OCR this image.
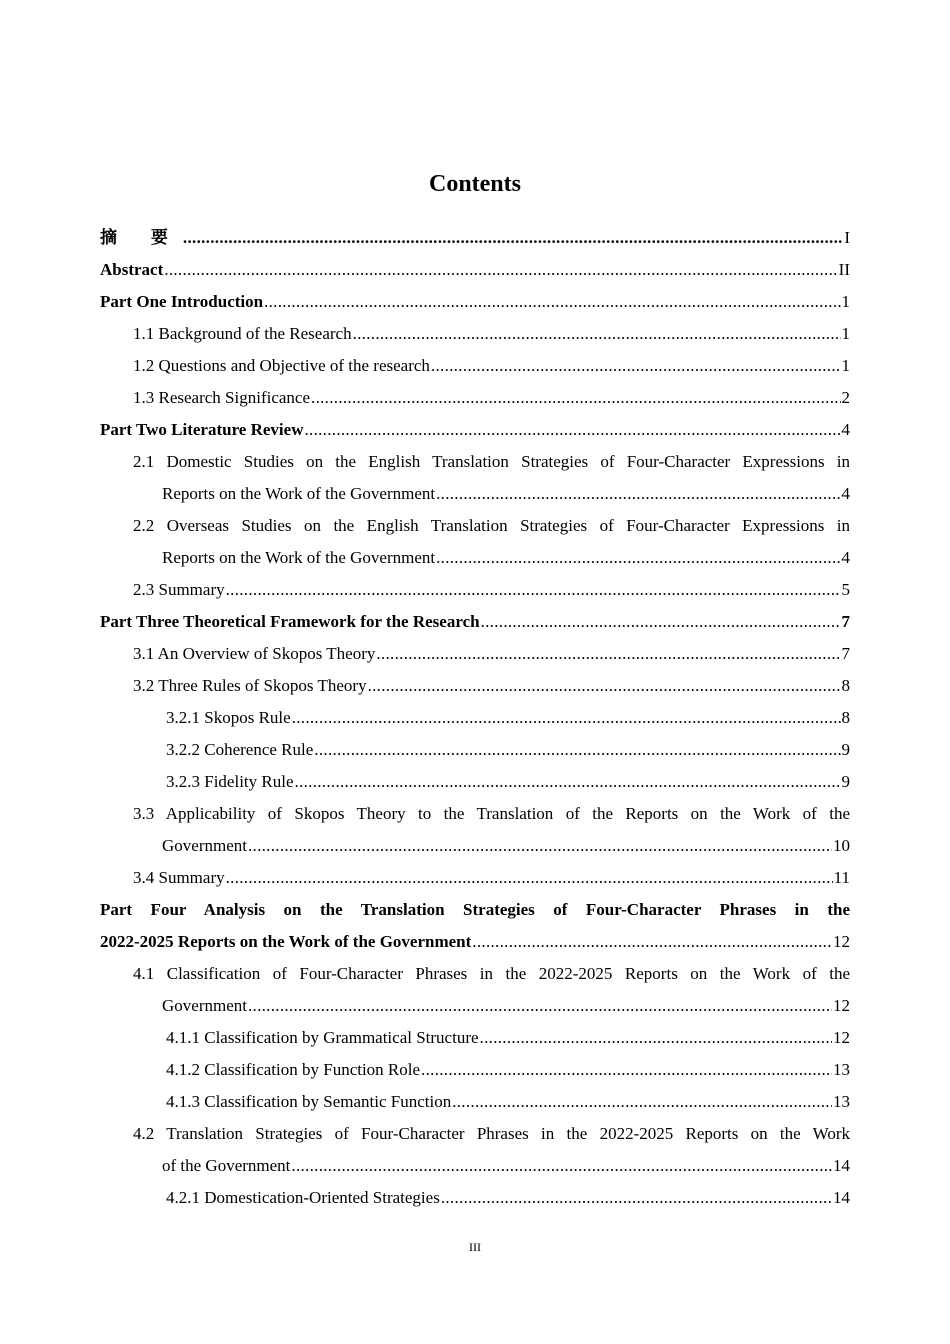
Contents
摘 要 .....	I
Abstract .....	II
Part One Introduction .....	1
1.1 Background of the Research .....	1
1.2 Questions and Objective of the research .....	1
1.3 Research Significance .....	2
Part Two Literature Review .....	4
2.1 Domestic Studies on the English Translation Strategies of Four-Character Expressions in
Reports on the Work of the Government .....	4
2.2 Overseas Studies on the English Translation Strategies of Four-Character Expressions in
Reports on the Work of the Government .....	4
2.3 Summary .....	5
Part Three Theoretical Framework for the Research .....	7
3.1 An Overview of Skopos Theory .....	7
3.2 Three Rules of Skopos Theory .....	8
3.2.1 Skopos Rule .....	8
3.2.2 Coherence Rule .....	9
3.2.3 Fidelity Rule .....	9
3.3 Applicability of Skopos Theory to the Translation of the Reports on the Work of the
Government .....	10
3.4 Summary .....	11
Part Four Analysis on the Translation Strategies of Four-Character Phrases in the
2022-2025 Reports on the Work of the Government .....	12
4.1 Classification of Four-Character Phrases in the 2022-2025 Reports on the Work of the
Government .....	12
4.1.1 Classification by Grammatical Structure .....	12
4.1.2 Classification by Function Role .....	13
4.1.3 Classification by Semantic Function .....	13
4.2 Translation Strategies of Four-Character Phrases in the 2022-2025 Reports on the Work
of the Government .....	14
4.2.1 Domestication-Oriented Strategies .....	14
III
